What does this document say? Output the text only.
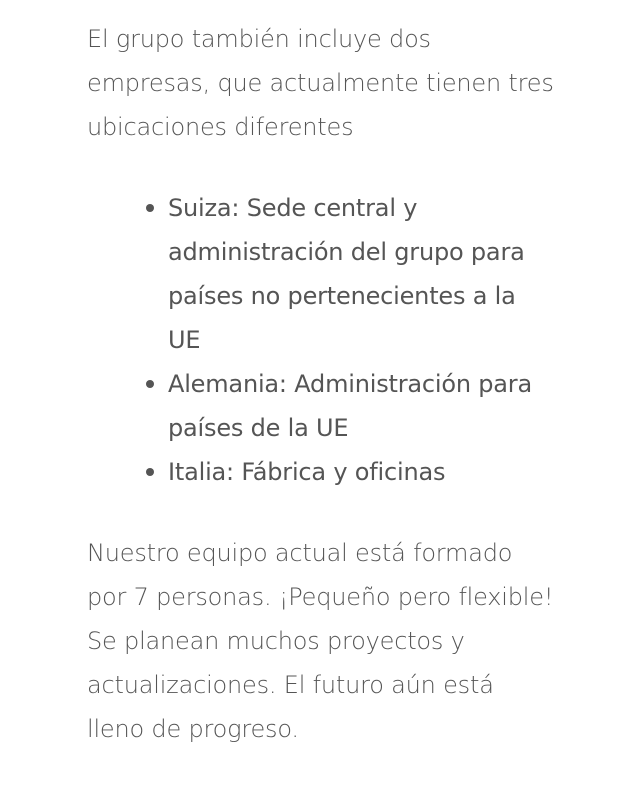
El grupo también incluye dos
empresas, que actualmente tienen tres
ubicaciones diferentes

Suiza: Sede central y
administración del grupo para
países no pertenecientes a la
UE
Alemania: Administración para
países de la UE
Italia: Fábrica y oficinas

Nuestro equipo actual está formado
por 7 personas. ¡Pequeño pero flexible!
Se planean muchos proyectos y
actualizaciones. El futuro aún está
lleno de progreso.
